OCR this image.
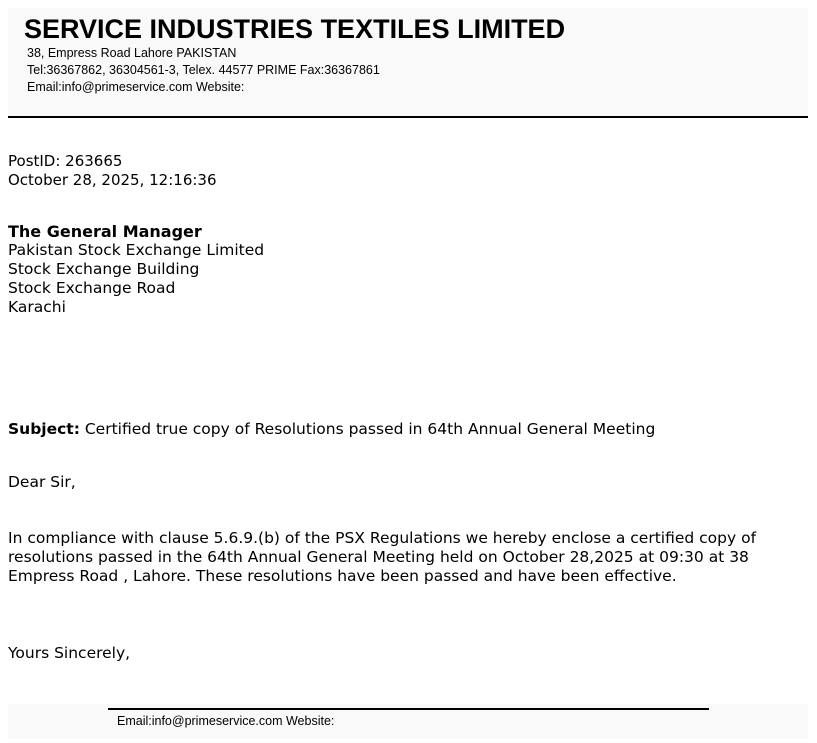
SERVICE INDUSTRIES TEXTILES LIMITED
38, Empress Road Lahore PAKISTAN
Tel:36367862, 36304561-3, Telex. 44577 PRIME Fax:36367861
Email:info@primeservice.com Website:
PostID: 263665
October 28, 2025, 12:16:36
The General Manager
Pakistan Stock Exchange Limited
Stock Exchange Building
Stock Exchange Road
Karachi
Subject: Certified true copy of Resolutions passed in 64th Annual General Meeting
Dear Sir,
In compliance with clause 5.6.9.(b) of the PSX Regulations we hereby enclose a certified copy of resolutions passed in the 64th Annual General Meeting held on October 28,2025 at 09:30 at 38 Empress Road , Lahore. These resolutions have been passed and have been effective.
Yours Sincerely,
Email:info@primeservice.com Website:
